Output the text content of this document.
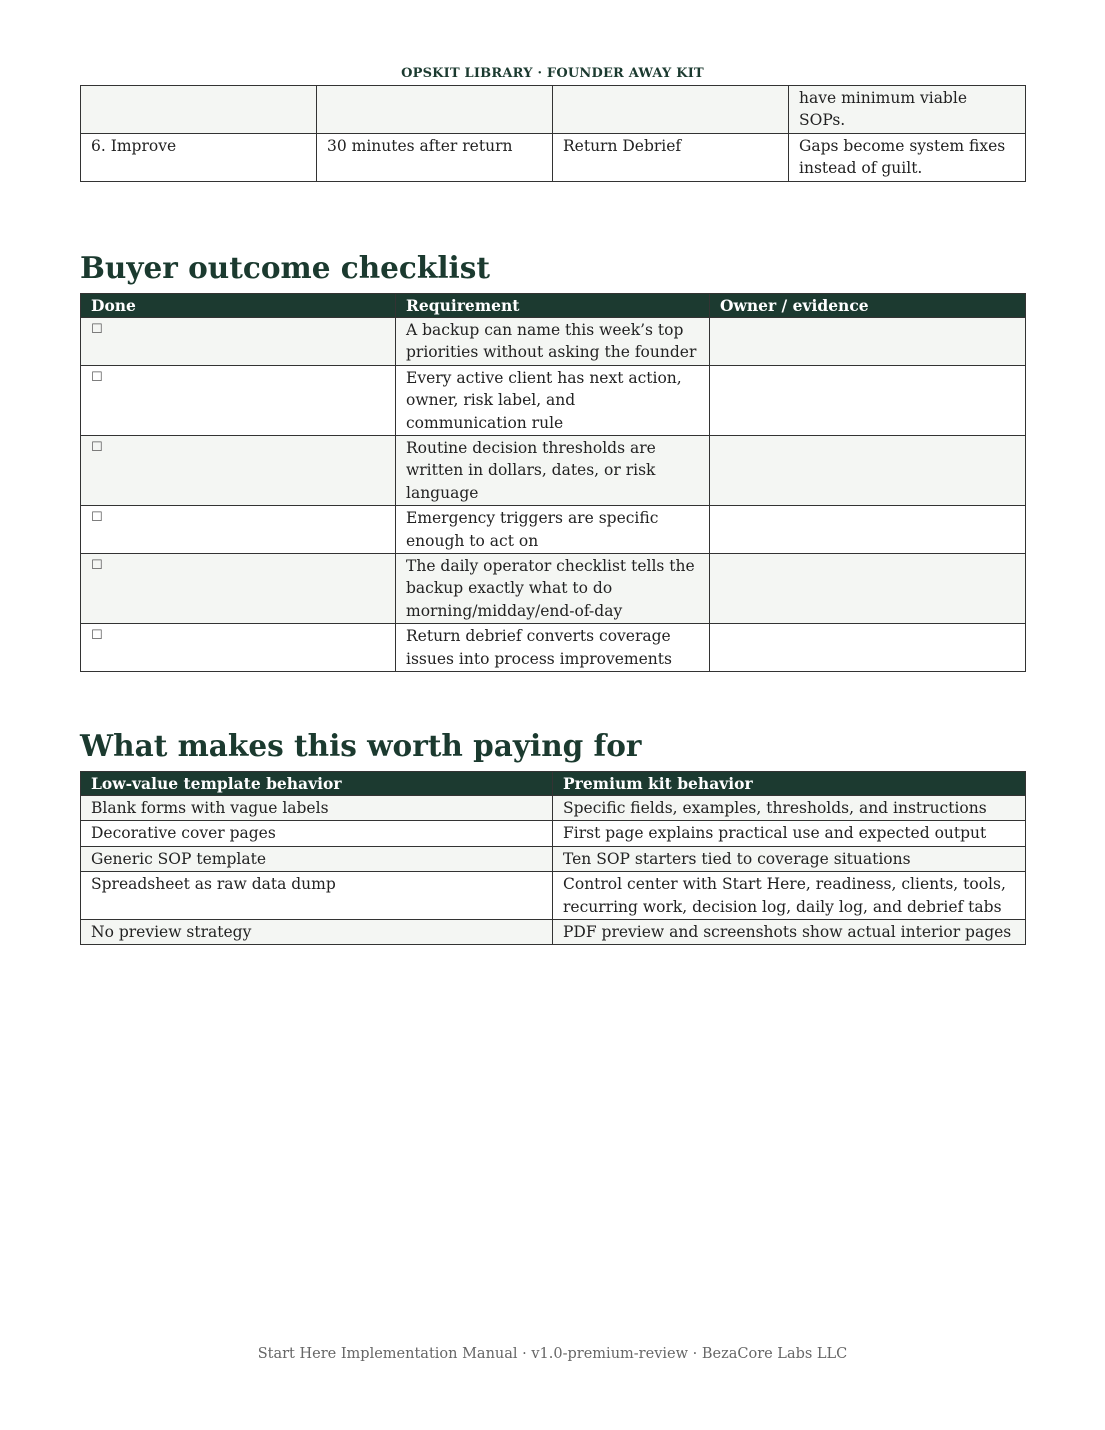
OPSKIT LIBRARY · FOUNDER AWAY KIT
			have minimum viable SOPs.
6. Improve	30 minutes after return	Return Debrief	Gaps become system fixes instead of guilt.
Buyer outcome checklist
Done	Requirement	Owner / evidence
☐	A backup can name this week’s top priorities without asking the founder	
☐	Every active client has next action, owner, risk label, and communication rule	
☐	Routine decision thresholds are written in dollars, dates, or risk language	
☐	Emergency triggers are specific enough to act on	
☐	The daily operator checklist tells the backup exactly what to do morning/midday/end-of-day	
☐	Return debrief converts coverage issues into process improvements	
What makes this worth paying for
Low-value template behavior	Premium kit behavior
Blank forms with vague labels	Specific fields, examples, thresholds, and instructions
Decorative cover pages	First page explains practical use and expected output
Generic SOP template	Ten SOP starters tied to coverage situations
Spreadsheet as raw data dump	Control center with Start Here, readiness, clients, tools, recurring work, decision log, daily log, and debrief tabs
No preview strategy	PDF preview and screenshots show actual interior pages
Start Here Implementation Manual · v1.0-premium-review · BezaCore Labs LLC
